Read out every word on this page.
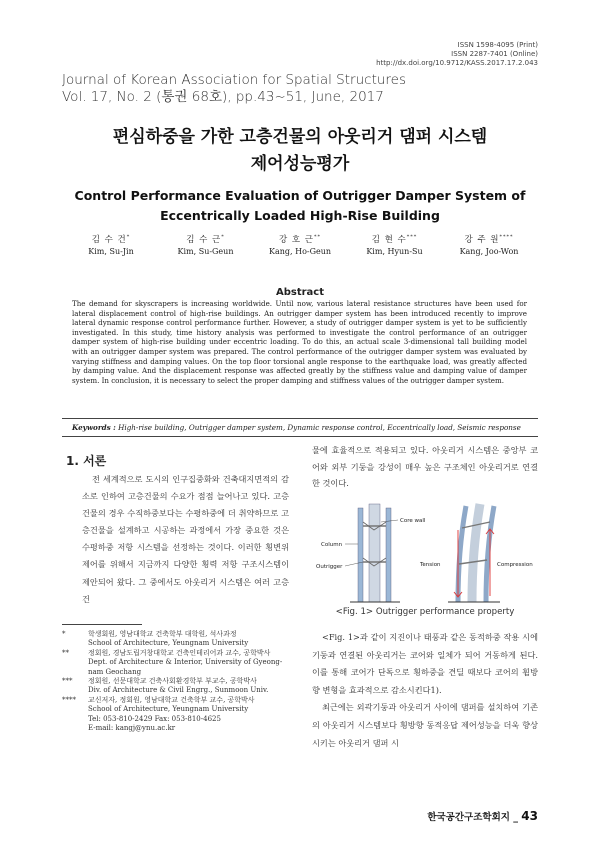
ISSN 1598-4095 (Print)
ISSN 2287-7401 (Online)
http://dx.doi.org/10.9712/KASS.2017.17.2.043
Journal of Korean Association for Spatial Structures
Vol. 17, No. 2 (통권 68호), pp.43~51, June, 2017
편심하중을 가한 고층건물의 아웃리거 댐퍼 시스템
제어성능평가
Control Performance Evaluation of Outrigger Damper System of
Eccentrically Loaded High-Rise Building
김 수 건*
Kim, Su-Jin
김 수 근*
Kim, Su-Geun
강 호 근**
Kang, Ho-Geun
김 현 수***
Kim, Hyun-Su
강 주 원****
Kang, Joo-Won
Abstract
The demand for skyscrapers is increasing worldwide. Until now, various lateral resistance structures have been used for lateral displacement control of high-rise buildings. An outrigger damper system has been introduced recently to improve lateral dynamic response control performance further. However, a study of outrigger damper system is yet to be sufficiently investigated. In this study, time history analysis was performed to investigate the control performance of an outrigger damper system of high-rise building under eccentric loading. To do this, an actual scale 3-dimensional tall building model with an outrigger damper system was prepared. The control performance of the outrigger damper system was evaluated by varying stiffness and damping values. On the top floor torsional angle response to the earthquake load, was greatly affected by damping value. And the displacement response was affected greatly by the stiffness value and damping value of damper system. In conclusion, it is necessary to select the proper damping and stiffness values of the outrigger damper system.
Keywords : High-rise building, Outrigger damper system, Dynamic response control, Eccentrically load, Seismic response
1. 서론

전 세계적으로 도시의 인구집중화와 건축대지면적의 감소로 인하여 고층건물의 수요가 점점 늘어나고 있다. 고층건물의 경우 수직하중보다는 수평하중에 더 취약하므로 고층건물을 설계하고 시공하는 과정에서 가장 중요한 것은 수평하중 저항 시스템을 선정하는 것이다. 이러한 횡변위 제어를 위해서 지금까지 다양한 횡력 저항 구조시스템이 제안되어 왔다. 그 중에서도 아웃리거 시스템은 여러 고층건

*	학생회원, 영남대학교 건축학부 대학원, 석사과정
School of Architecture, Yeungnam University
**	정회원, 경남도립거창대학교 건축인테리어과 교수, 공학박사
Dept. of Architecture & Interior, University of Gyeong-nam Geochang
***	정회원, 선문대학교 건축사회환경학부 부교수, 공학박사
Div. of Architecture & Civil Engrg., Sunmoon Univ.
****	교신저자, 정회원, 영남대학교 건축학부 교수, 공학박사
School of Architecture, Yeungnam University
Tel: 053-810-2429 Fax: 053-810-4625
E-mail: kangj@ynu.ac.kr
물에 효율적으로 적용되고 있다. 아웃리거 시스템은 중앙부 코어와 외부 기둥을 강성이 매우 높은 구조체인 아웃리거로 연결한 것이다.
Core wall
Column
Outrigger	Tension	Compression
<Fig. 1> Outrigger performance property

<Fig. 1>과 같이 지진이나 태풍과 같은 동적하중 작용 시에 기둥과 연결된 아웃리거는 코어와 일체가 되어 거동하게 된다. 이를 통해 코어가 단독으로 횡하중을 견딜 때보다 코어의 휨방향 변형을 효과적으로 감소시킨다1).

최근에는 외곽기둥과 아웃리거 사이에 댐퍼를 설치하여 기존의 아웃리거 시스템보다 횡방향 동적응답 제어성능을 더욱 향상시키는 아웃리거 댐퍼 시

한국공간구조학회지 _ 43
